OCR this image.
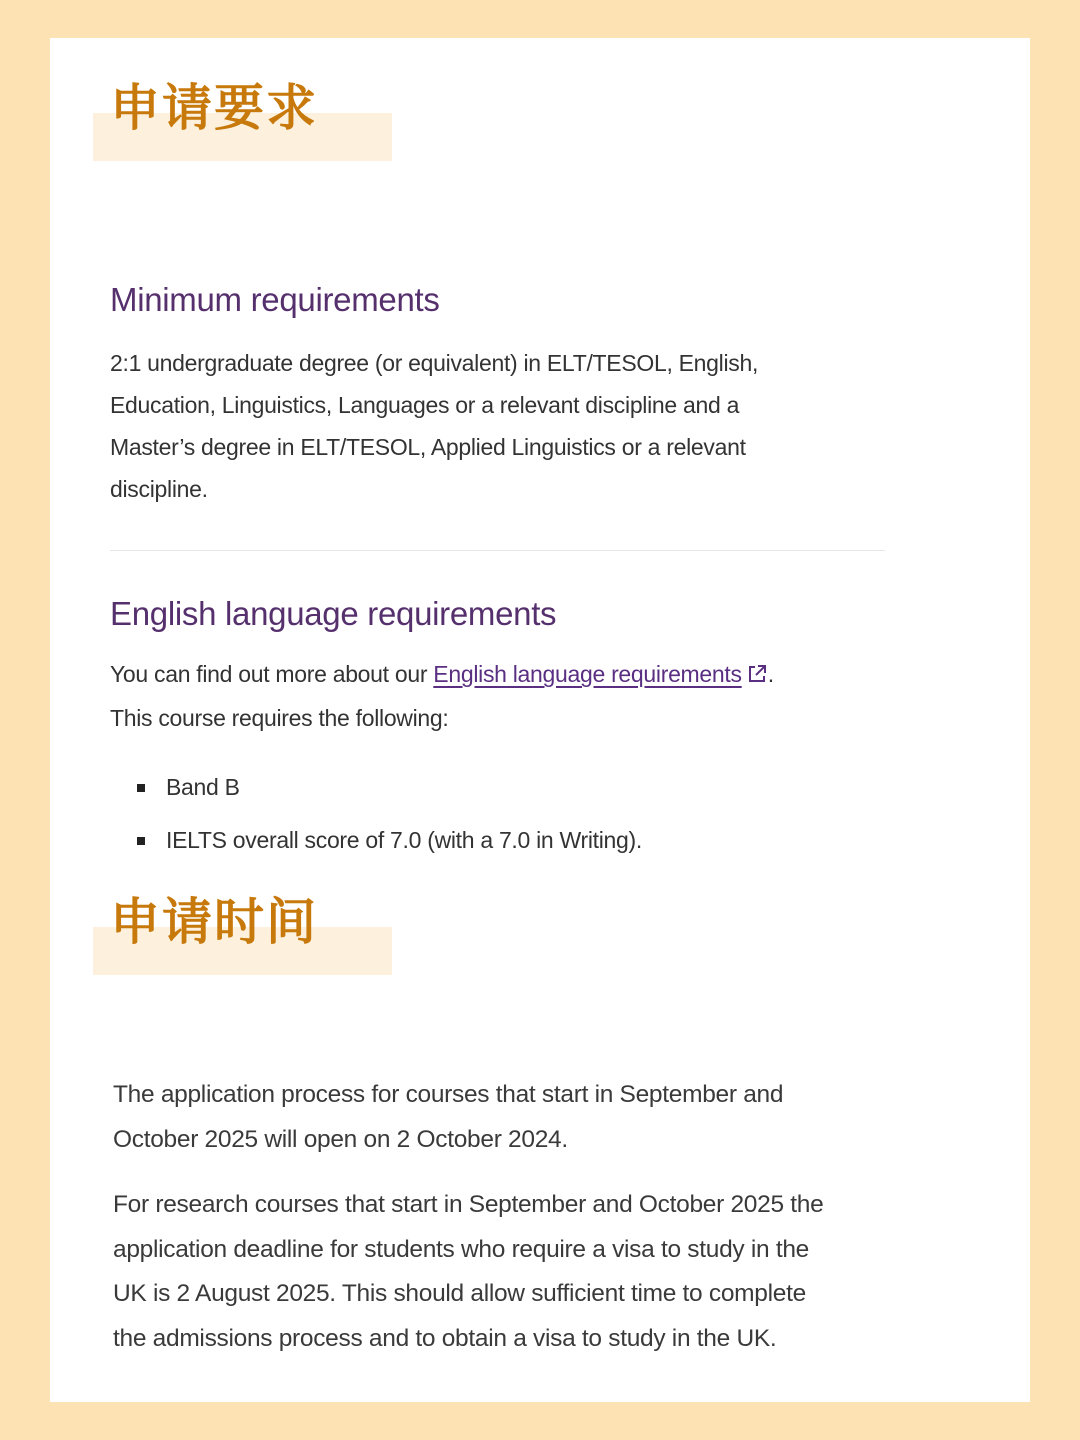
申请要求
Minimum requirements

2:1 undergraduate degree (or equivalent) in ELT/TESOL, English,
Education, Linguistics, Languages or a relevant discipline and a
Master’s degree in ELT/TESOL, Applied Linguistics or a relevant
discipline.

English language requirements

You can find out more about our English language requirements .
This course requires the following:

Band B
IELTS overall score of 7.0 (with a 7.0 in Writing).
申请时间

The application process for courses that start in September and
October 2025 will open on 2 October 2024.

For research courses that start in September and October 2025 the
application deadline for students who require a visa to study in the
UK is 2 August 2025. This should allow sufficient time to complete
the admissions process and to obtain a visa to study in the UK.
